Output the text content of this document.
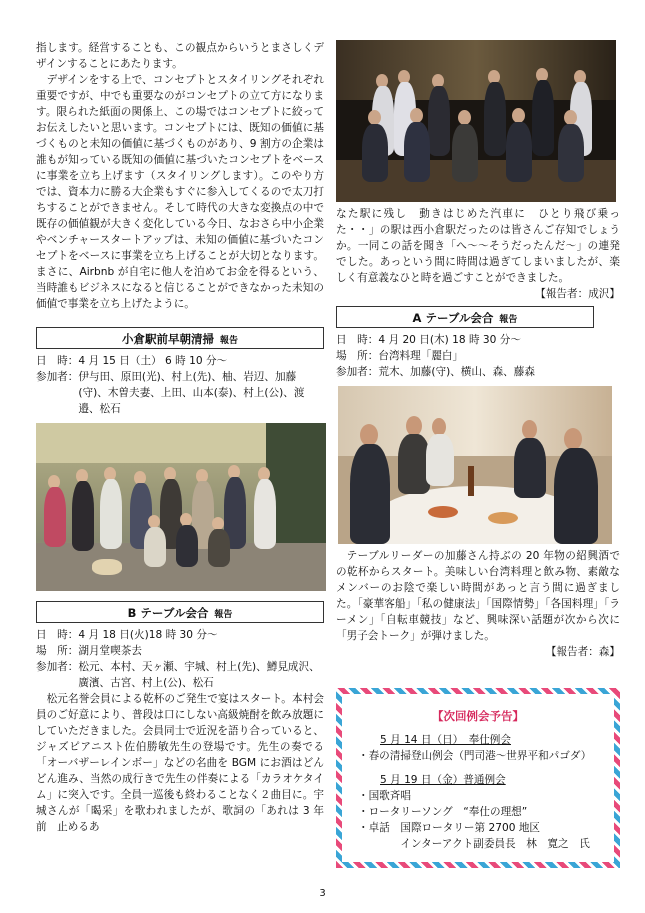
指します。経営することも、この観点からいうとまさしくデザインすることにあたります。

デザインをする上で、コンセプトとスタイリングそれぞれ重要ですが、中でも重要なのがコンセプトの立て方になります。限られた紙面の関係上、この場ではコンセプトに絞ってお伝えしたいと思います。コンセプトには、既知の価値に基づくものと未知の価値に基づくものがあり、9 割方の企業は誰もが知っている既知の価値に基づいたコンセプトをベースに事業を立ち上げます（スタイリングします）。このやり方では、資本力に勝る大企業もすぐに参入してくるので太刀打ちすることができません。そして時代の大きな変換点の中で既存の価値観が大きく変化している今日、なおさら中小企業やベンチャースタートアップは、未知の価値に基づいたコンセプトをベースに事業を立ち上げることが大切となります。まさに、Airbnb が自宅に他人を泊めてお金を得るという、当時誰もビジネスになると信じることができなかった未知の価値で事業を立ち上げたように。

小倉駅前早朝清掃 報告
日　時： 4 月 15 日（土） 6 時 10 分～
参加者： 伊与田、原田(光)、村上(先)、柚、岩辺、加藤(守)、木曽夫妻、上田、山本(泰)、村上(公)、渡邉、松石
B テーブル会合 報告
日　時： 4 月 18 日(火)18 時 30 分～
場　所： 湖月堂喫茶去
参加者： 松元、本村、天ヶ瀬、宇城、村上(先)、鱒見成沢、廣濱、古宮、村上(公)、松石

松元名誉会員による乾杯のご発生で宴はスタート。本村会員のご好意により、普段は口にしない高級焼酎を飲み放題にしていただきました。会員同士で近況を語り合っていると、ジャズピアニスト佐伯勝敏先生の登場です。先生の奏でる「オーバザーレインボー」などの名曲を BGM にお酒はどんどん進み、当然の成行きで先生の伴奏による「カラオケタイム」に突入です。全員一巡後も終わることなく２曲目に。宇城さんが「暍采」を歌われましたが、歌詞の「あれは 3 年前　止めるあ

なた駅に残し　動きはじめた汽車に　ひとり飛び乗った・・」の駅は西小倉駅だったのは皆さんご存知でしょうか。一同この話を聞き「へ～～そうだったんだ～」の連発でした。あっという間に時間は過ぎてしまいましたが、楽しく有意義なひと時を過ごすことができました。

【報告者：成沢】

A テーブル会合 報告
日　時： 4 月 20 日(木) 18 時 30 分～
場　所： 台湾料理「麗白」
参加者： 荒木、加藤(守)、横山、森、藤森

テーブルリーダーの加藤さん持ぶの 20 年物の紹興酒での乾杯からスタート。美味しい台湾料理と飲み物、素敵なメンバーのお陰で楽しい時間があっと言う間に過ぎました。「豪華客船」「私の健康法」「国際情勢」「各国料理」「ラーメン」「自転車競技」など、興味深い話題が次から次に「男子会トーク」が弾けました。

【報告者：森】

【次回例会予告】
5 月 14 日（日）　奉仕例会
・春の清掃登山例会（門司港～世界平和パゴダ）
5 月 19 日（金）普通例会
・国歌斉唱
・ロータリーソング　“奉仕の理想”
・卓話　国際ロータリー第 2700 地区
　　　　インターアクト副委員長　林　寛之　氏
3
